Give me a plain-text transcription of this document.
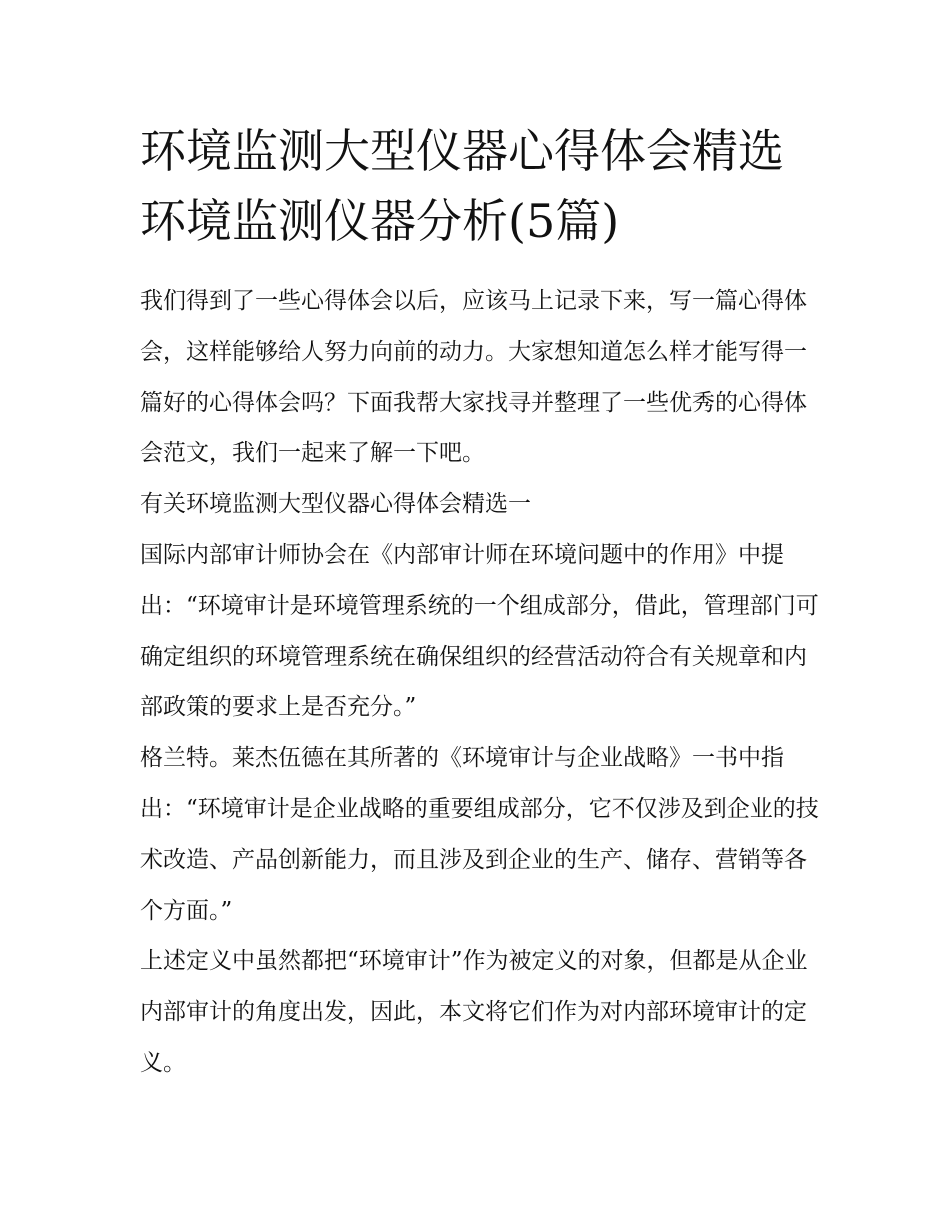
环境监测大型仪器心得体会精选 环境监测仪器分析(5篇)

我们得到了一些心得体会以后，应该马上记录下来，写一篇心得体会，这样能够给人努力向前的动力。大家想知道怎么样才能写得一篇好的心得体会吗？下面我帮大家找寻并整理了一些优秀的心得体会范文，我们一起来了解一下吧。

有关环境监测大型仪器心得体会精选一

国际内部审计师协会在《内部审计师在环境问题中的作用》中提出：“环境审计是环境管理系统的一个组成部分，借此，管理部门可确定组织的环境管理系统在确保组织的经营活动符合有关规章和内部政策的要求上是否充分。”

格兰特。莱杰伍德在其所著的《环境审计与企业战略》一书中指出：“环境审计是企业战略的重要组成部分，它不仅涉及到企业的技术改造、产品创新能力，而且涉及到企业的生产、储存、营销等各个方面。”

上述定义中虽然都把“环境审计”作为被定义的对象，但都是从企业内部审计的角度出发，因此，本文将它们作为对内部环境审计的定义。
